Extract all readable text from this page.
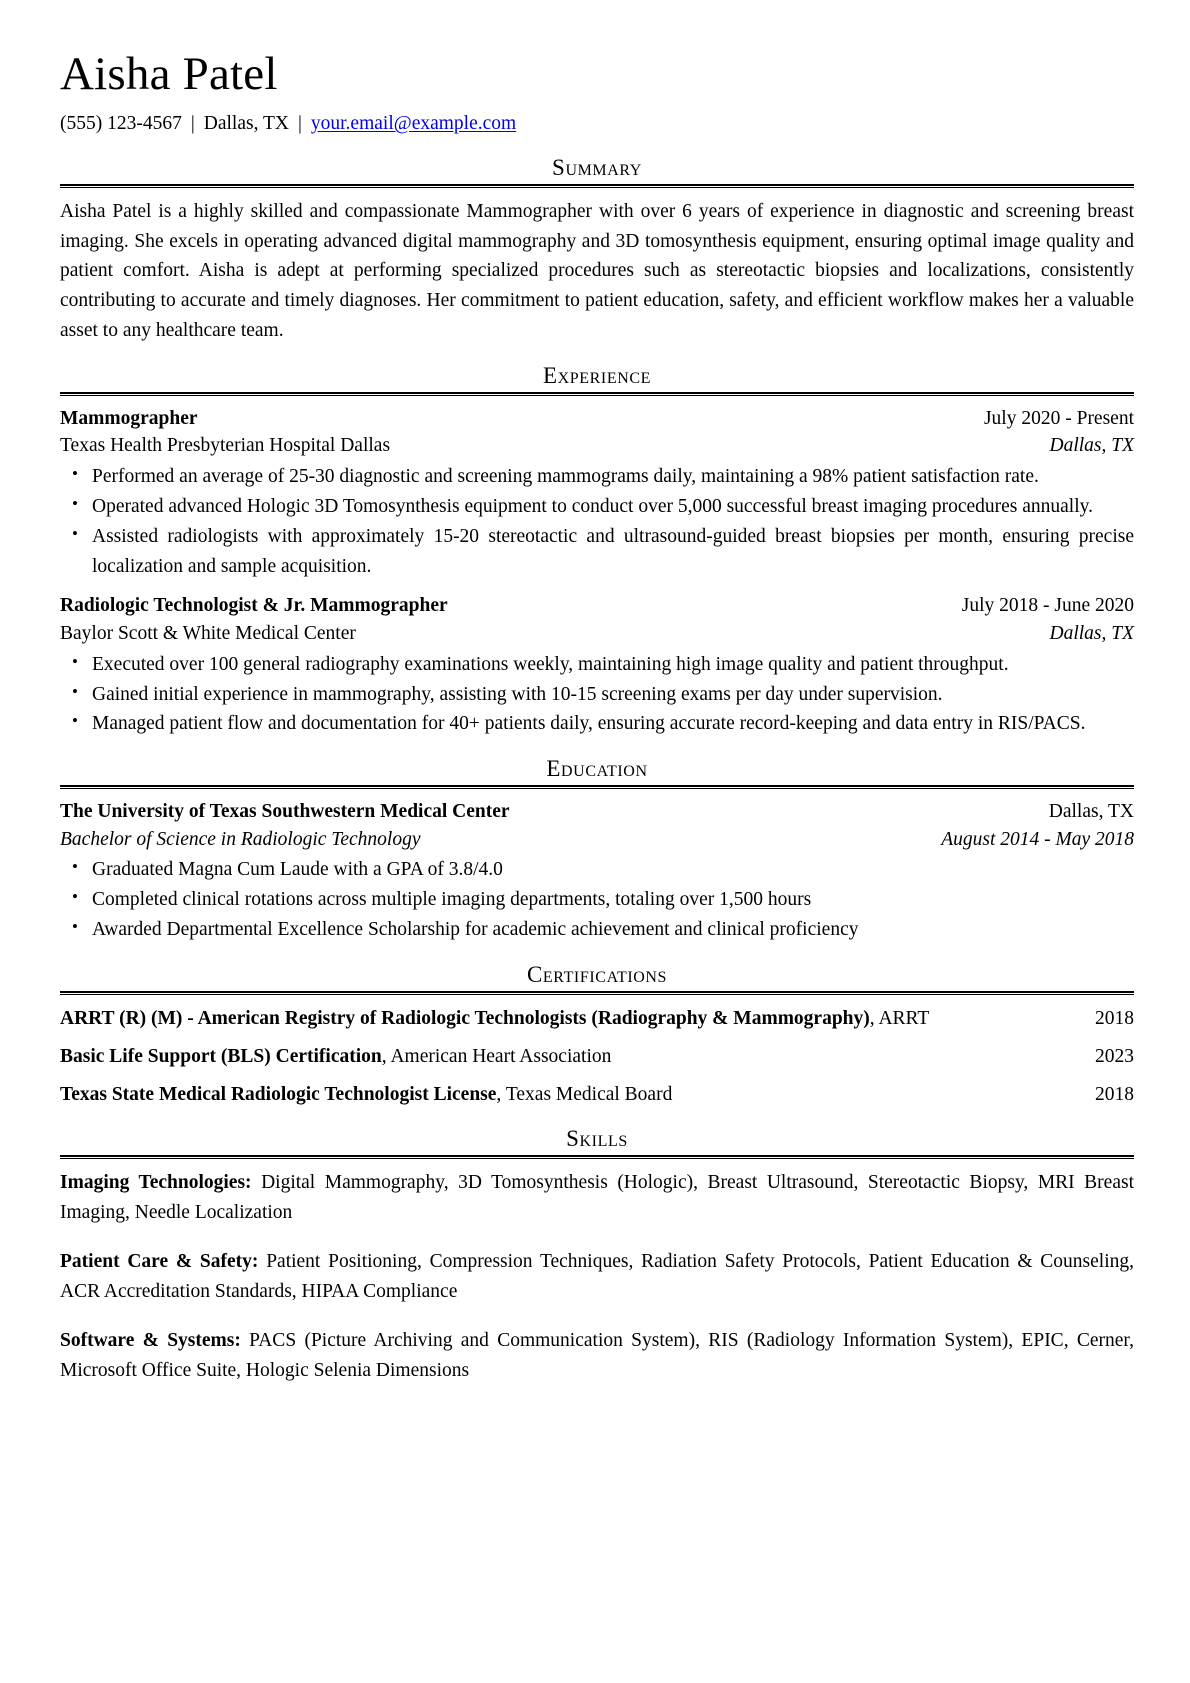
Aisha Patel
(555) 123-4567 | Dallas, TX | your.email@example.com
Summary

Aisha Patel is a highly skilled and compassionate Mammographer with over 6 years of experience in diagnostic and screening breast imaging. She excels in operating advanced digital mammography and 3D tomosynthesis equipment, ensuring optimal image quality and patient comfort. Aisha is adept at performing specialized procedures such as stereotactic biopsies and localizations, consistently contributing to accurate and timely diagnoses. Her commitment to patient education, safety, and efficient workflow makes her a valuable asset to any healthcare team.

Experience
Mammographer	July 2020 - Present
Texas Health Presbyterian Hospital Dallas	Dallas, TX
• Performed an average of 25-30 diagnostic and screening mammograms daily, maintaining a 98% patient satisfaction rate.
• Operated advanced Hologic 3D Tomosynthesis equipment to conduct over 5,000 successful breast imaging procedures annually.
• Assisted radiologists with approximately 15-20 stereotactic and ultrasound-guided breast biopsies per month, ensuring precise localization and sample acquisition.
Radiologic Technologist & Jr. Mammographer	July 2018 - June 2020
Baylor Scott & White Medical Center	Dallas, TX
• Executed over 100 general radiography examinations weekly, maintaining high image quality and patient throughput.
• Gained initial experience in mammography, assisting with 10-15 screening exams per day under supervision.
• Managed patient flow and documentation for 40+ patients daily, ensuring accurate record-keeping and data entry in RIS/PACS.
Education
The University of Texas Southwestern Medical Center	Dallas, TX
Bachelor of Science in Radiologic Technology	August 2014 - May 2018
• Graduated Magna Cum Laude with a GPA of 3.8/4.0
• Completed clinical rotations across multiple imaging departments, totaling over 1,500 hours
• Awarded Departmental Excellence Scholarship for academic achievement and clinical proficiency
Certifications
ARRT (R) (M) - American Registry of Radiologic Technologists (Radiography & Mammography), ARRT	2018
Basic Life Support (BLS) Certification, American Heart Association	2023
Texas State Medical Radiologic Technologist License, Texas Medical Board	2018
Skills

Imaging Technologies: Digital Mammography, 3D Tomosynthesis (Hologic), Breast Ultrasound, Stereotactic Biopsy, MRI Breast Imaging, Needle Localization

Patient Care & Safety: Patient Positioning, Compression Techniques, Radiation Safety Protocols, Patient Education & Counseling, ACR Accreditation Standards, HIPAA Compliance

Software & Systems: PACS (Picture Archiving and Communication System), RIS (Radiology Information System), EPIC, Cerner, Microsoft Office Suite, Hologic Selenia Dimensions
